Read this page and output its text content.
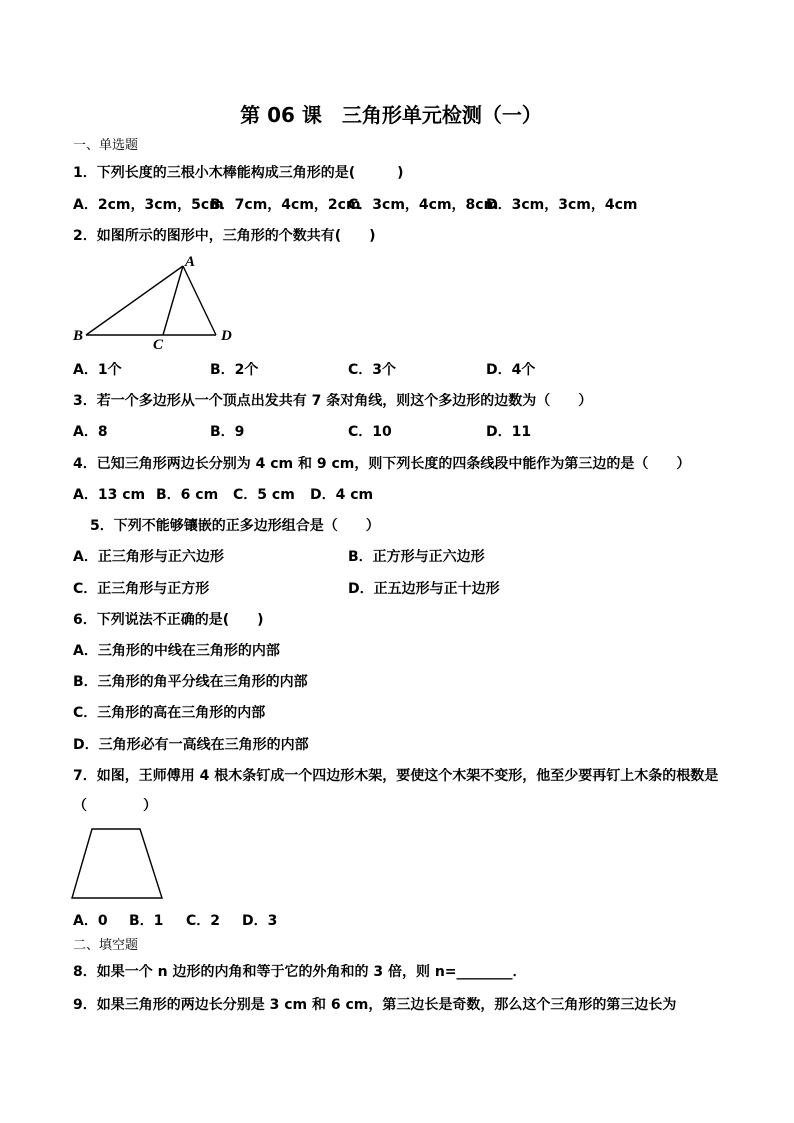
第 06 课　三角形单元检测（一）
一、单选题
1．下列长度的三根小木棒能构成三角形的是(　　　)
A．2cm，3cm，5cm
B．7cm，4cm，2cm
C．3cm，4cm，8cm
D．3cm，3cm，4cm
2．如图所示的图形中，三角形的个数共有(　　)
A
B
C
D
A．1个	B．2个	C．3个	D．4个
3．若一个多边形从一个顶点出发共有 7 条对角线，则这个多边形的边数为（　　）
A．8	B．9	C．10	D．11
4．已知三角形两边长分别为 4 cm 和 9 cm，则下列长度的四条线段中能作为第三边的是（　　）
A．13 cm B．6 cm C．5 cm D．4 cm
5．下列不能够镶嵌的正多边形组合是（　　）
A．正三角形与正六边形	B．正方形与正六边形
C．正三角形与正方形	D．正五边形与正十边形
6．下列说法不正确的是(　　)
A．三角形的中线在三角形的内部
B．三角形的角平分线在三角形的内部
C．三角形的高在三角形的内部
D．三角形必有一高线在三角形的内部
7．如图，王师傅用 4 根木条钉成一个四边形木架，要使这个木架不变形，他至少要再钉上木条的根数是
（　　　　）
A．0 B．1 C．2 D．3
二、填空题
8．如果一个 n 边形的内角和等于它的外角和的 3 倍，则 n=________．
9．如果三角形的两边长分别是 3 cm 和 6 cm，第三边长是奇数，那么这个三角形的第三边长为
